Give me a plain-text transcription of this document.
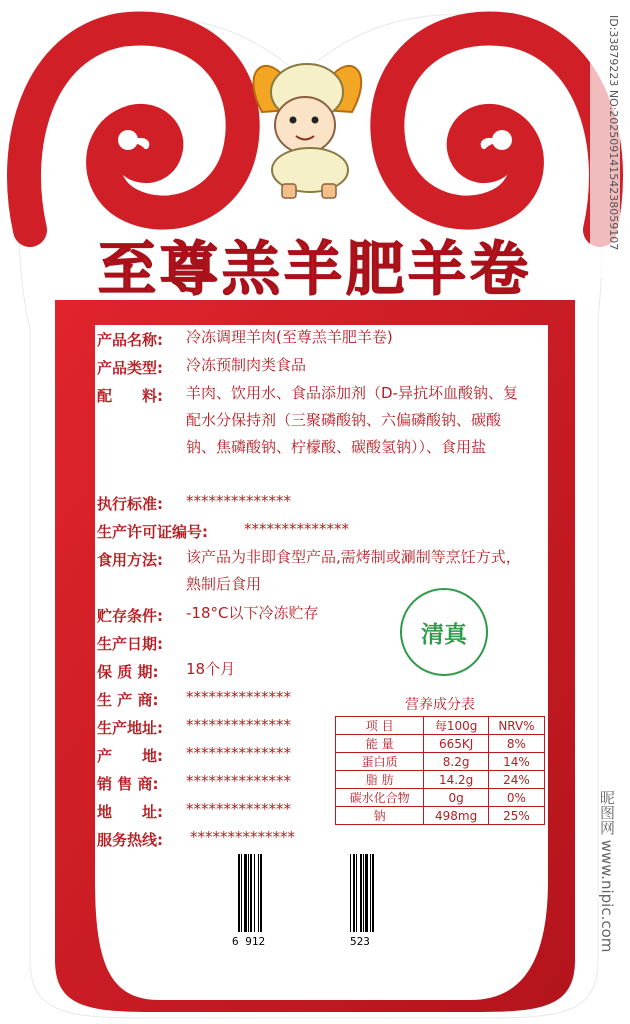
至尊羔羊肥羊卷
产品名称: 冷冻调理羊肉(至尊羔羊肥羊卷)
产品类型: 冷冻预制肉类食品
配　　料: 羊肉、饮用水、食品添加剂（D-异抗坏血酸钠、复配水分保持剂（三聚磷酸钠、六偏磷酸钠、碳酸钠、焦磷酸钠、柠檬酸、碳酸氢钠））、食用盐
执行标准: **************
生产许可证编号: **************
食用方法: 该产品为非即食型产品,需烤制或涮制等烹饪方式，熟制后食用
贮存条件: -18°C以下冷冻贮存
生产日期:
保 质 期: 18个月
生 产 商: **************
生产地址: **************
产　　地: **************
销 售 商: **************
地　　址: **************
服务热线: **************
清真
营养成分表
项 目	每100g	NRV%
能 量	665KJ	8%
蛋白质	8.2g	14%
脂 肪	14.2g	24%
碳水化合物	0g	0%
钠	498mg	25%
6 912	523
ID:33879223 NO:20250914154238059107
昵图网 www.nipic.com
